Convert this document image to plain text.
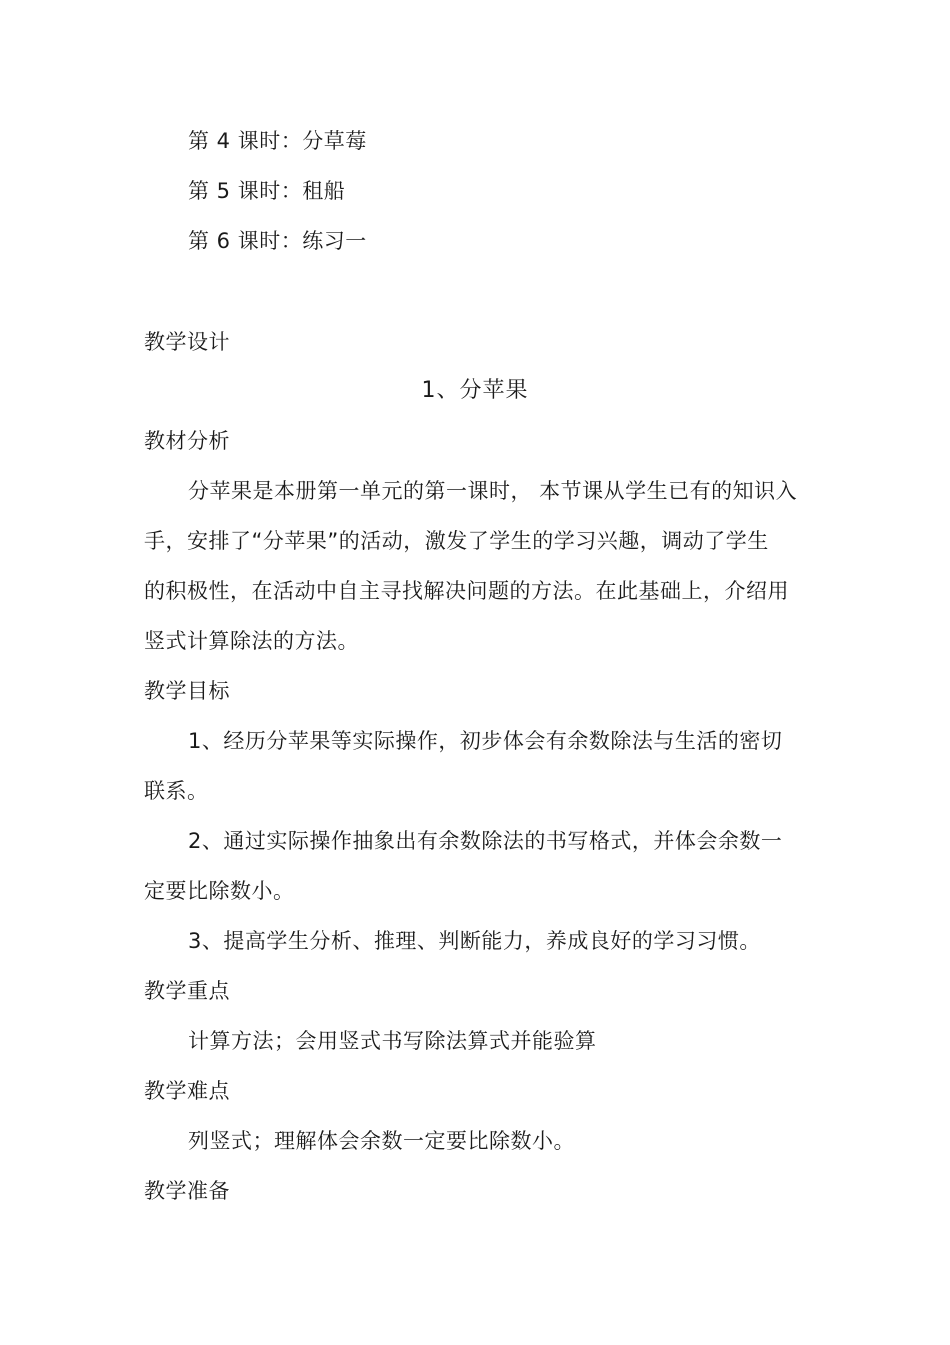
第 4 课时：分草莓
第 5 课时：租船
第 6 课时：练习一
教学设计
1、分苹果
教材分析
分苹果是本册第一单元的第一课时， 本节课从学生已有的知识入
手，安排了“分苹果”的活动，激发了学生的学习兴趣，调动了学生
的积极性，在活动中自主寻找解决问题的方法。在此基础上，介绍用
竖式计算除法的方法。
教学目标
1、经历分苹果等实际操作，初步体会有余数除法与生活的密切
联系。
2、通过实际操作抽象出有余数除法的书写格式，并体会余数一
定要比除数小。
3、提高学生分析、推理、判断能力，养成良好的学习习惯。
教学重点
计算方法；会用竖式书写除法算式并能验算
教学难点
列竖式；理解体会余数一定要比除数小。
教学准备
